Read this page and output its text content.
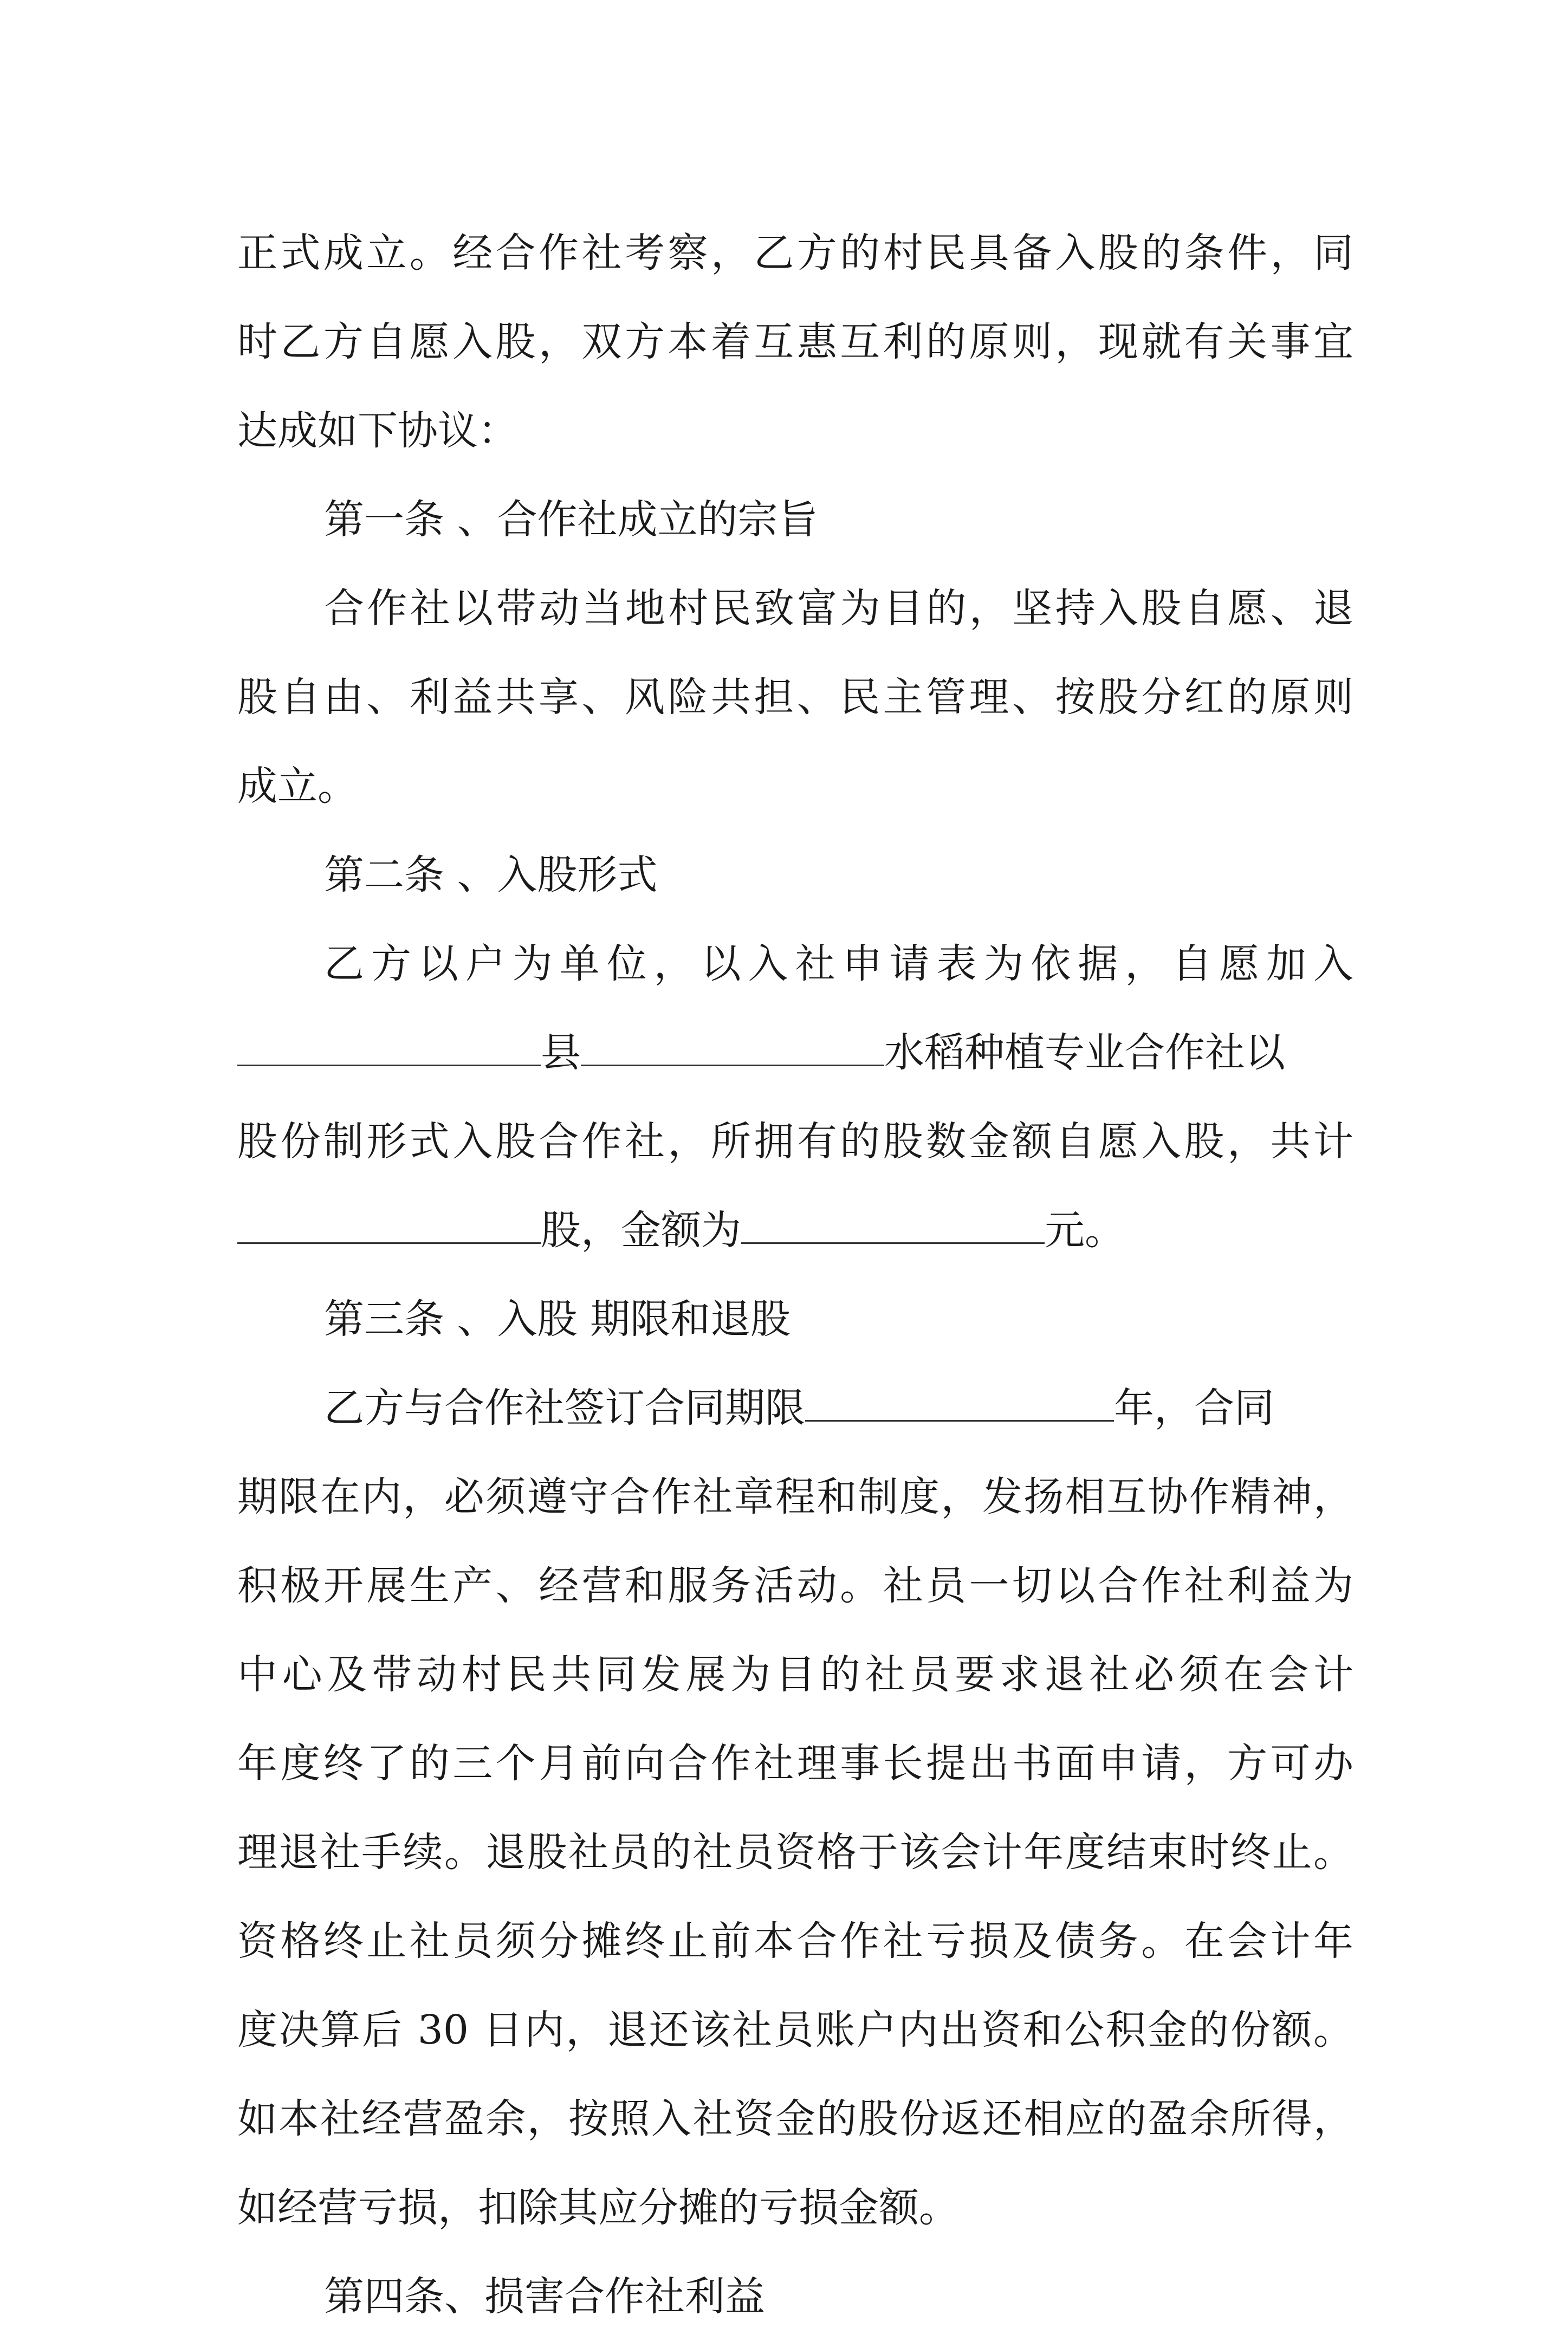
正式成立。经合作社考察，乙方的村民具备入股的条件，同
时乙方自愿入股，双方本着互惠互利的原则，现就有关事宜
达成如下协议：
第一条 、合作社成立的宗旨
合作社以带动当地村民致富为目的，坚持入股自愿、退
股自由、利益共享、风险共担、民主管理、按股分红的原则
成立。
第二条 、入股形式
乙方以户为单位，以入社申请表为依据，自愿加入
县	水稻种植专业合作社以
股份制形式入股合作社，所拥有的股数金额自愿入股，共计
股，金额为	元。
第三条 、入股 期限和退股
乙方与合作社签订合同期限	年，合同
期限在内，必须遵守合作社章程和制度，发扬相互协作精神，
积极开展生产、经营和服务活动。社员一切以合作社利益为
中心及带动村民共同发展为目的社员要求退社必须在会计
年度终了的三个月前向合作社理事长提出书面申请，方可办
理退社手续。退股社员的社员资格于该会计年度结束时终止。
资格终止社员须分摊终止前本合作社亏损及债务。在会计年
度决算后 30 日内，退还该社员账户内出资和公积金的份额。
如本社经营盈余，按照入社资金的股份返还相应的盈余所得，
如经营亏损，扣除其应分摊的亏损金额。
第四条、损害合作社利益
